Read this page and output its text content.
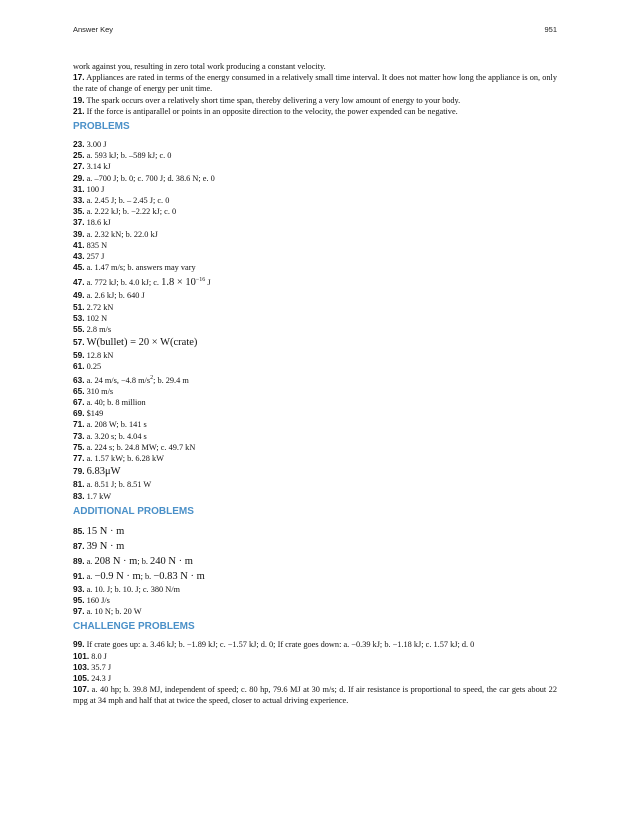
Answer Key	951

work against you, resulting in zero total work producing a constant velocity.

17. Appliances are rated in terms of the energy consumed in a relatively small time interval. It does not matter how long the appliance is on, only the rate of change of energy per unit time.

19. The spark occurs over a relatively short time span, thereby delivering a very low amount of energy to your body.

21. If the force is antiparallel or points in an opposite direction to the velocity, the power expended can be negative.

PROBLEMS

23. 3.00 J

25. a. 593 kJ; b. –589 kJ; c. 0

27. 3.14 kJ

29. a. –700 J; b. 0; c. 700 J; d. 38.6 N; e. 0

31. 100 J

33. a. 2.45 J; b. – 2.45 J; c. 0

35. a. 2.22 kJ; b. −2.22 kJ; c. 0

37. 18.6 kJ

39. a. 2.32 kN; b. 22.0 kJ

41. 835 N

43. 257 J

45. a. 1.47 m/s; b. answers may vary

47. a. 772 kJ; b. 4.0 kJ; c. $1.8 \times 10^{-16}$ J

49. a. 2.6 kJ; b. 640 J

51. 2.72 kN

53. 102 N

55. 2.8 m/s

57. W(bullet) = 20 × W(crate)

59. 12.8 kN

61. 0.25

63. a. 24 m/s, −4.8 $m/s^2$; b. 29.4 m

65. 310 m/s

67. a. 40; b. 8 million

69. $149

71. a. 208 W; b. 141 s

73. a. 3.20 s; b. 4.04 s

75. a. 224 s; b. 24.8 MW; c. 49.7 kN

77. a. 1.57 kW; b. 6.28 kW

79. 6.83μW

81. a. 8.51 J; b. 8.51 W

83. 1.7 kW

ADDITIONAL PROBLEMS

85. 15 N · m

87. 39 N · m

89. a. 208 N · m; b. 240 N · m

91. a. −0.9 N · m; b. −0.83 N · m

93. a. 10. J; b. 10. J; c. 380 N/m

95. 160 J/s

97. a. 10 N; b. 20 W

CHALLENGE PROBLEMS

99. If crate goes up: a. 3.46 kJ; b. −1.89 kJ; c. −1.57 kJ; d. 0; If crate goes down: a. −0.39 kJ; b. −1.18 kJ; c. 1.57 kJ; d. 0

101. 8.0 J

103. 35.7 J

105. 24.3 J

107. a. 40 hp; b. 39.8 MJ, independent of speed; c. 80 hp, 79.6 MJ at 30 m/s; d. If air resistance is proportional to speed, the car gets about 22 mpg at 34 mph and half that at twice the speed, closer to actual driving experience.
